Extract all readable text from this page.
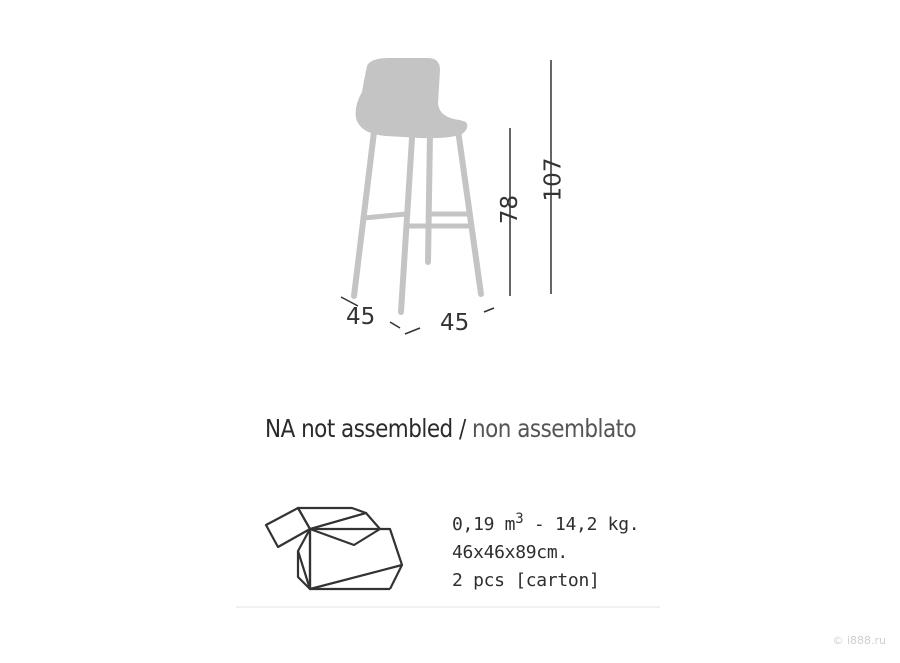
45	45
78
107
NA not assembled / non assemblato
0,19 $m^3 - 14,2$ kg.
46x46x89cm.
2 pcs [carton]
© i888.ru
